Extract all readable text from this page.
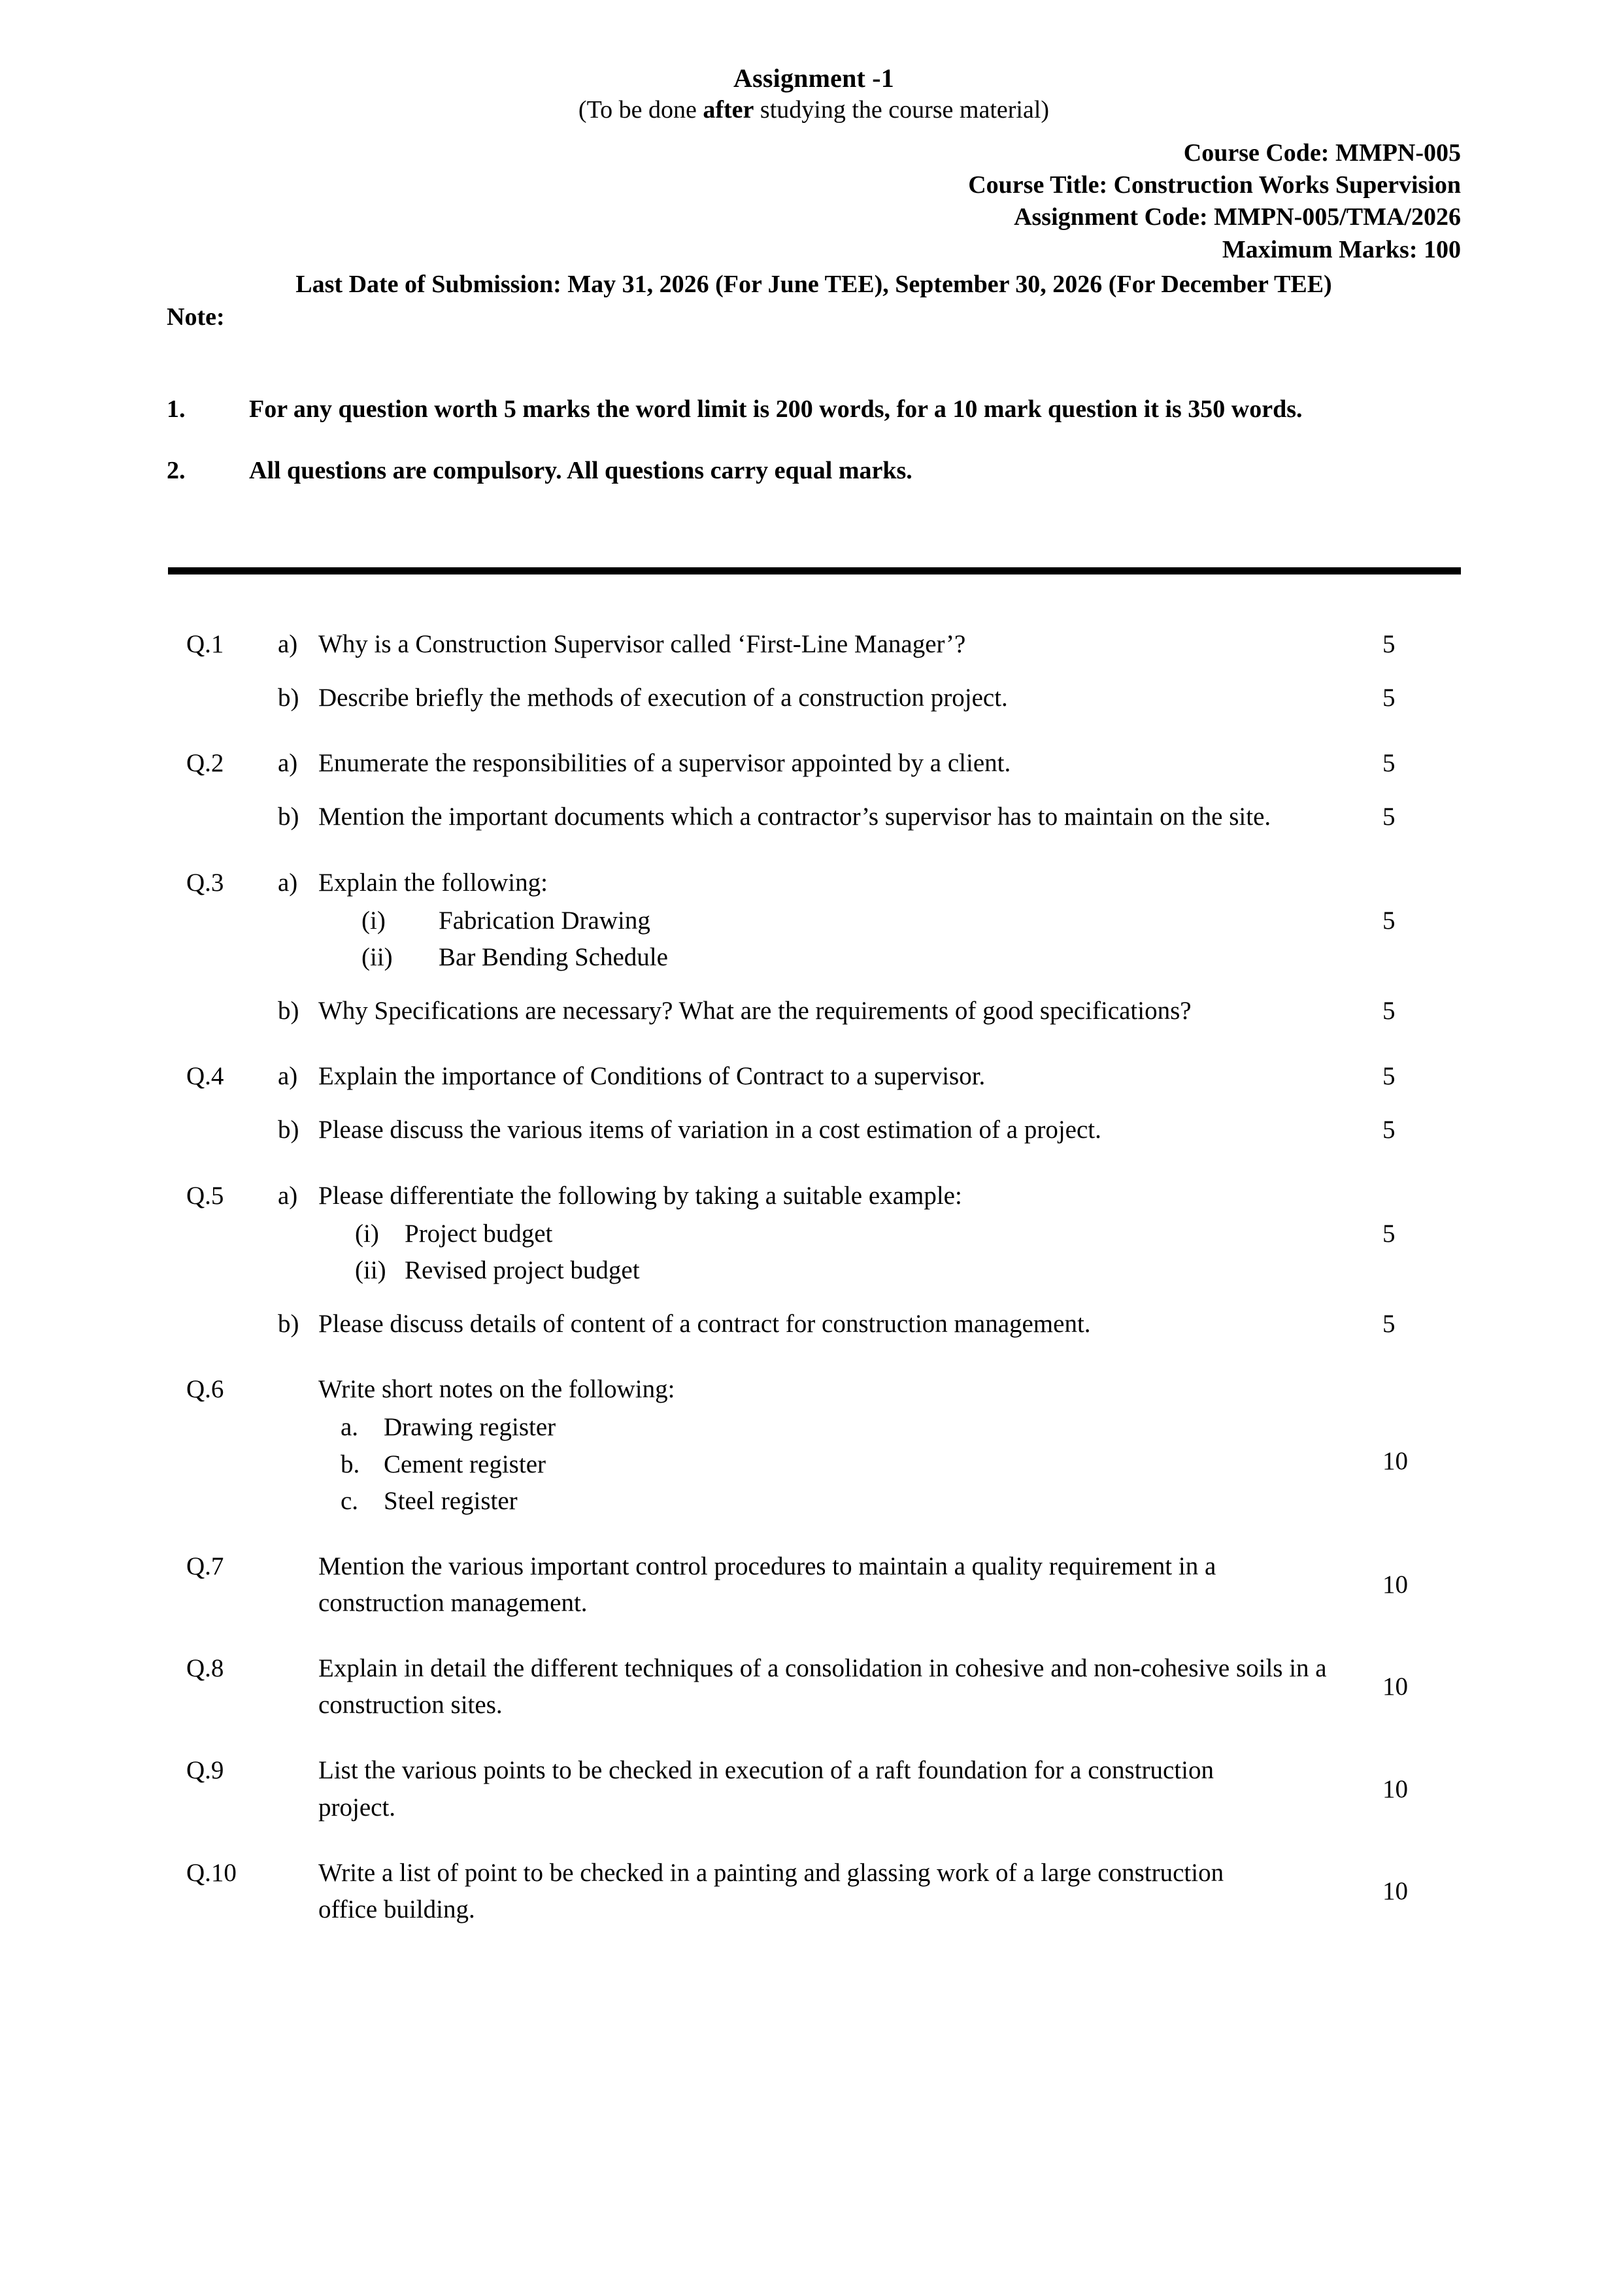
Assignment -1
(To be done after studying the course material)
Course Code: MMPN-005
Course Title: Construction Works Supervision
Assignment Code: MMPN-005/TMA/2026
Maximum Marks: 100
Last Date of Submission: May 31, 2026 (For June TEE), September 30, 2026 (For December TEE)
Note:
1.	For any question worth 5 marks the word limit is 200 words, for a 10 mark question it is 350 words.
2.	All questions are compulsory. All questions carry equal marks.
Q.1	a) Why is a Construction Supervisor called ‘First-Line Manager’?	5
b) Describe briefly the methods of execution of a construction project.	5
Q.2	a) Enumerate the responsibilities of a supervisor appointed by a client.	5
b) Mention the important documents which a contractor’s supervisor has to maintain on the site.	5
Q.3	a) Explain the following:
(i)	Fabrication Drawing
(ii)	Bar Bending Schedule
5
b) Why Specifications are necessary? What are the requirements of good specifications?	5
Q.4	a) Explain the importance of Conditions of Contract to a supervisor.	5
b) Please discuss the various items of variation in a cost estimation of a project.	5
Q.5	a) Please differentiate the following by taking a suitable example:
(i)	Project budget
(ii) Revised project budget
5
b) Please discuss details of content of a contract for construction management.	5
Q.6	Write short notes on the following:
a. Drawing register
b. Cement register
c. Steel register
10
Q.7	Mention the various important control procedures to maintain a quality requirement in a construction management.
10
Q.8	Explain in detail the different techniques of a consolidation in cohesive and non-cohesive soils in a construction sites.
10
Q.9	List the various points to be checked in execution of a raft foundation for a construction project.
10
Q.10	Write a list of point to be checked in a painting and glassing work of a large construction office building.
10
